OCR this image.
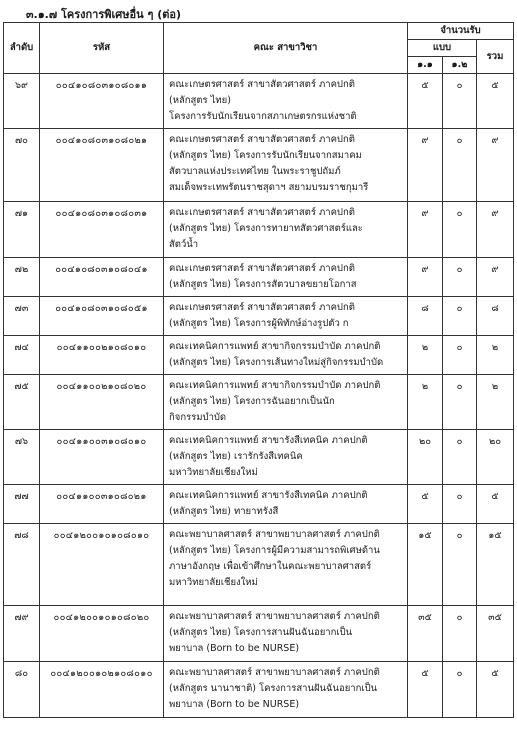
๓.๑.๗ โครงการพิเศษอื่น ๆ (ต่อ)
ลำดับ	รหัส	คณะ สาขาวิชา	จำนวนรับ		
			แบบ		รวม
			๑.๑	๑.๒	
๖๙	๐๐๔๑๐๘๐๓๑๐๘๐๑๑	คณะเกษตรศาสตร์ สาขาสัตวศาสตร์ ภาคปกติ
(หลักสูตร ไทย)
โครงการรับนักเรียนจากสภาเกษตรกรแห่งชาติ	๕	๐	๕
๗๐	๐๐๔๑๐๘๐๓๑๐๘๐๒๑	คณะเกษตรศาสตร์ สาขาสัตวศาสตร์ ภาคปกติ
(หลักสูตร ไทย) โครงการรับนักเรียนจากสมาคม
สัตวบาลแห่งประเทศไทย ในพระราชูปถัมภ์
สมเด็จพระเทพรัตนราชสุดาฯ สยามบรมราชกุมารี	๙	๐	๙
๗๑	๐๐๔๑๐๘๐๓๑๐๘๐๓๑	คณะเกษตรศาสตร์ สาขาสัตวศาสตร์ ภาคปกติ
(หลักสูตร ไทย) โครงการทายาทสัตวศาสตร์และ
สัตว์น้ำ	๙	๐	๙
๗๒	๐๐๔๑๐๘๐๓๑๐๘๐๔๑	คณะเกษตรศาสตร์ สาขาสัตวศาสตร์ ภาคปกติ
(หลักสูตร ไทย) โครงการสัตวบาลขยายโอกาส	๙	๐	๙
๗๓	๐๐๔๑๐๘๐๓๑๐๘๐๕๑	คณะเกษตรศาสตร์ สาขาสัตวศาสตร์ ภาคปกติ
(หลักสูตร ไทย) โครงการผู้พิทักษ์อ่างรูปตัว ก	๘	๐	๘
๗๔	๐๐๔๑๑๐๐๒๑๐๘๐๑๐	คณะเทคนิคการแพทย์ สาขากิจกรรมบำบัด ภาคปกติ
(หลักสูตร ไทย) โครงการเส้นทางใหม่สู่กิจกรรมบำบัด	๒	๐	๒
๗๕	๐๐๔๑๑๐๐๒๑๐๘๐๒๐	คณะเทคนิคการแพทย์ สาขากิจกรรมบำบัด ภาคปกติ
(หลักสูตร ไทย) โครงการฉันอยากเป็นนัก
กิจกรรมบำบัด	๒	๐	๒
๗๖	๐๐๔๑๑๐๐๓๑๐๘๐๑๐	คณะเทคนิคการแพทย์ สาขารังสีเทคนิค ภาคปกติ
(หลักสูตร ไทย) เรารักรังสีเทคนิค
มหาวิทยาลัยเชียงใหม่	๒๐	๐	๒๐
๗๗	๐๐๔๑๑๐๐๓๑๐๘๐๒๑	คณะเทคนิคการแพทย์ สาขารังสีเทคนิค ภาคปกติ
(หลักสูตร ไทย) ทายาทรังสี	๕	๐	๕
๗๘	๐๐๔๑๒๐๐๑๐๑๐๘๐๑๐	คณะพยาบาลศาสตร์ สาขาพยาบาลศาสตร์ ภาคปกติ
(หลักสูตร ไทย) โครงการผู้มีความสามารถพิเศษด้าน
ภาษาอังกฤษ เพื่อเข้าศึกษาในคณะพยาบาลศาสตร์
มหาวิทยาลัยเชียงใหม่	๑๕	๐	๑๕
๗๙	๐๐๔๑๒๐๐๑๐๑๐๘๐๒๐	คณะพยาบาลศาสตร์ สาขาพยาบาลศาสตร์ ภาคปกติ
(หลักสูตร ไทย) โครงการสานฝันฉันอยากเป็น
พยาบาล (Born to be NURSE)	๓๕	๐	๓๕
๘๐	๐๐๔๑๒๐๐๑๐๒๑๐๘๐๑๐	คณะพยาบาลศาสตร์ สาขาพยาบาลศาสตร์ ภาคปกติ
(หลักสูตร นานาชาติ) โครงการสานฝันฉันอยากเป็น
พยาบาล (Born to be NURSE)	๕	๐	๕
